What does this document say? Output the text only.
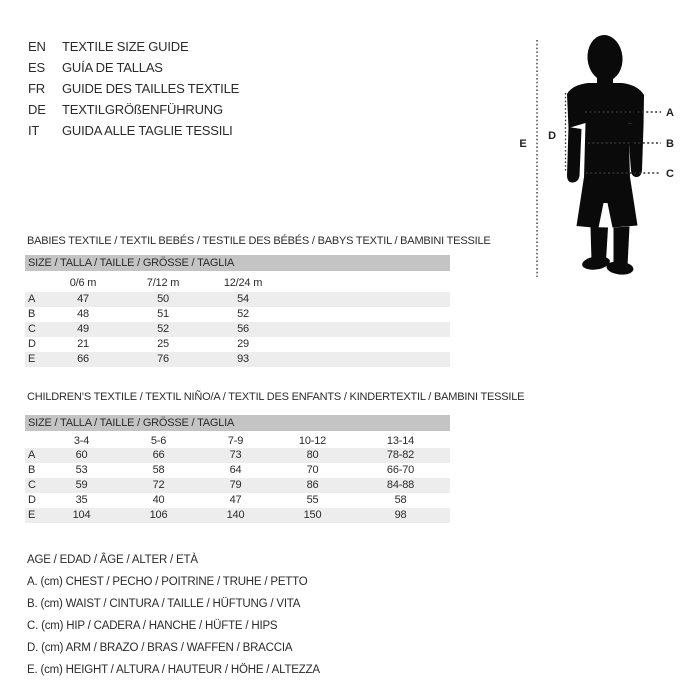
EN TEXTILE SIZE GUIDE
ES GUÍA DE TALLAS
FR GUIDE DES TAILLES TEXTILE
DE TEXTILGRÖßENFÜHRUNG
IT GUIDA ALLE TAGLIE TESSILI
A
B
C
D
E
BABIES TEXTILE / TEXTIL BEBÉS / TESTILE DES BÉBÉS / BABYS TEXTIL / BAMBINI TESSILE
SIZE / TALLA / TAILLE / GRÖSSE / TAGLIA
0/6 m	7/12 m	12/24 m
A	47	50	54
B	48	51	52
C	49	52	56
D	21	25	29
E	66	76	93
CHILDREN’S TEXTILE / TEXTIL NIÑO/A / TEXTIL DES ENFANTS / KINDERTEXTIL / BAMBINI TESSILE
SIZE / TALLA / TAILLE / GRÖSSE / TAGLIA
3-4	5-6	7-9	10-12	13-14
A	60	66	73	80	78-82
B	53	58	64	70	66-70
C	59	72	79	86	84-88
D	35	40	47	55	58
E	104	106	140	150	98

AGE / EDAD / ÂGE / ALTER / ETÀ

A. (cm) CHEST / PECHO / POITRINE / TRUHE / PETTO

B. (cm) WAIST / CINTURA / TAILLE / HÜFTUNG / VITA

C. (cm) HIP / CADERA / HANCHE / HÜFTE / HIPS

D. (cm) ARM / BRAZO / BRAS / WAFFEN / BRACCIA

E. (cm) HEIGHT / ALTURA / HAUTEUR / HÖHE / ALTEZZA
